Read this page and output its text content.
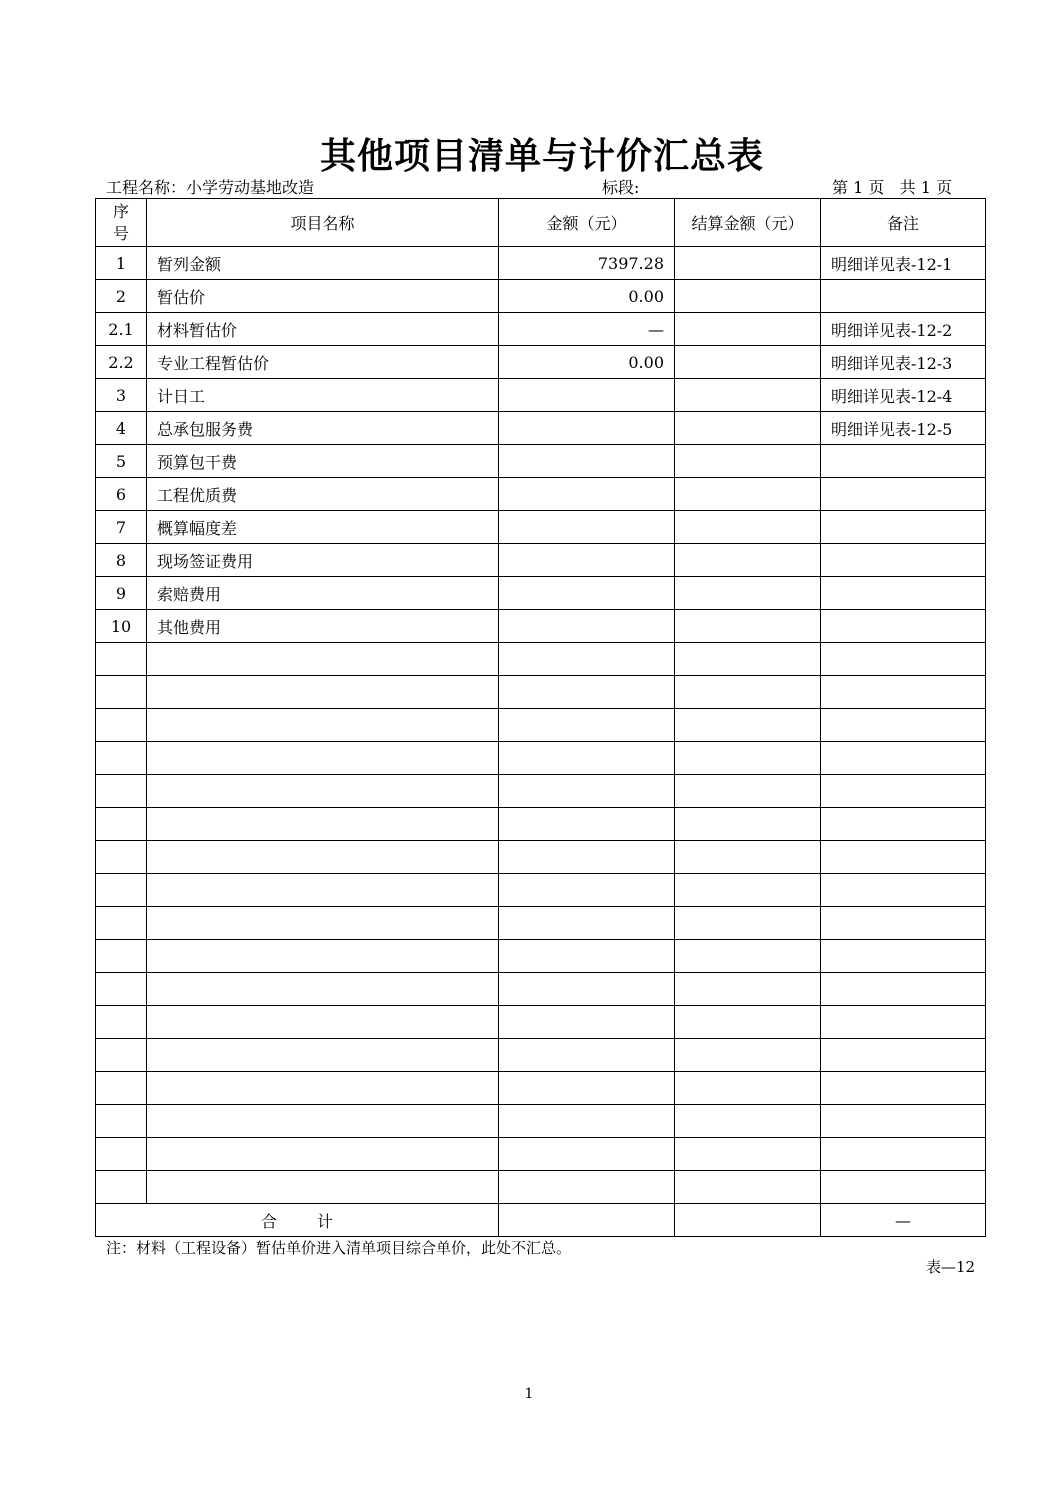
其他项目清单与计价汇总表
工程名称：小学劳动基地改造	标段:	第 1 页 共 1 页
序
号	项目名称	金额（元）	结算金额（元）	备注
1	暂列金额	7397.28		明细详见表-12-1
2	暂估价	0.00		
2.1	材料暂估价	—		明细详见表-12-2
2.2	专业工程暂估价	0.00		明细详见表-12-3
3	计日工			明细详见表-12-4
4	总承包服务费			明细详见表-12-5
5	预算包干费			
6	工程优质费			
7	概算幅度差			
8	现场签证费用			
9	索赔费用			
10	其他费用			

合 计				—
注：材料（工程设备）暂估单价进入清单项目综合单价，此处不汇总。
表—12
1
